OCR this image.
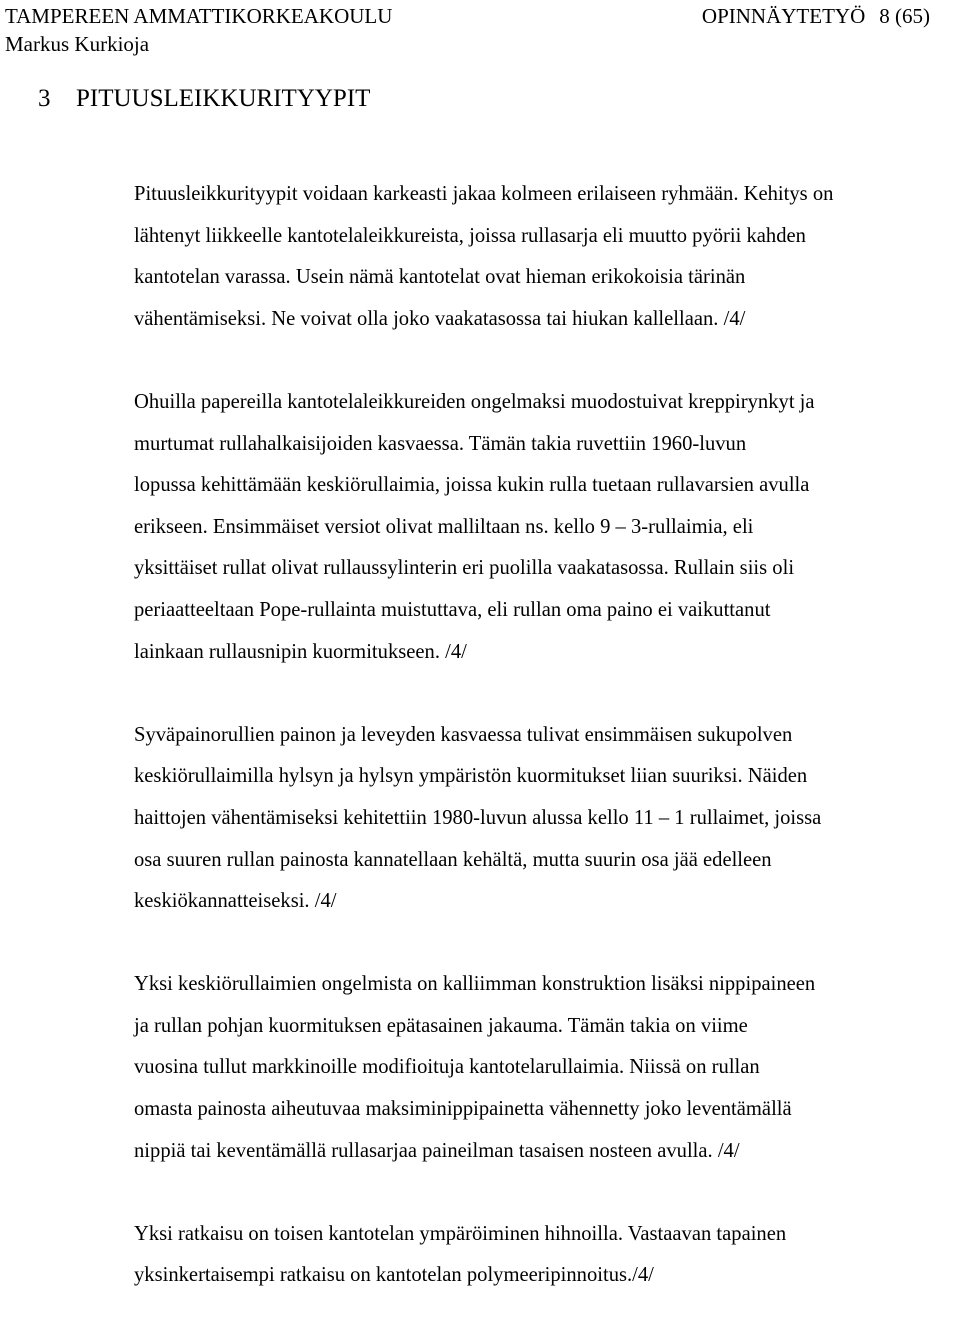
TAMPEREEN AMMATTIKORKEAKOULU	OPINNÄYTETYÖ 8 (65)
Markus Kurkioja
3 PITUUSLEIKKURITYYPIT

Pituusleikkurityypit voidaan karkeasti jakaa kolmeen erilaiseen ryhmään. Kehitys on
lähtenyt liikkeelle kantotelaleikkureista, joissa rullasarja eli muutto pyörii kahden
kantotelan varassa. Usein nämä kantotelat ovat hieman erikokoisia tärinän
vähentämiseksi. Ne voivat olla joko vaakatasossa tai hiukan kallellaan. /4/

Ohuilla papereilla kantotelaleikkureiden ongelmaksi muodostuivat kreppirynkyt ja
murtumat rullahalkaisijoiden kasvaessa. Tämän takia ruvettiin 1960-luvun
lopussa kehittämään keskiörullaimia, joissa kukin rulla tuetaan rullavarsien avulla
erikseen. Ensimmäiset versiot olivat malliltaan ns. kello 9 – 3-rullaimia, eli
yksittäiset rullat olivat rullaussylinterin eri puolilla vaakatasossa. Rullain siis oli
periaatteeltaan Pope-rullainta muistuttava, eli rullan oma paino ei vaikuttanut
lainkaan rullausnipin kuormitukseen. /4/

Syväpainorullien painon ja leveyden kasvaessa tulivat ensimmäisen sukupolven
keskiörullaimilla hylsyn ja hylsyn ympäristön kuormitukset liian suuriksi. Näiden
haittojen vähentämiseksi kehitettiin 1980-luvun alussa kello 11 – 1 rullaimet, joissa
osa suuren rullan painosta kannatellaan kehältä, mutta suurin osa jää edelleen
keskiökannatteiseksi. /4/

Yksi keskiörullaimien ongelmista on kalliimman konstruktion lisäksi nippipaineen
ja rullan pohjan kuormituksen epätasainen jakauma. Tämän takia on viime
vuosina tullut markkinoille modifioituja kantotelarullaimia. Niissä on rullan
omasta painosta aiheutuvaa maksiminippipainetta vähennetty joko leventämällä
nippiä tai keventämällä rullasarjaa paineilman tasaisen nosteen avulla. /4/

Yksi ratkaisu on toisen kantotelan ympäröiminen hihnoilla. Vastaavan tapainen
yksinkertaisempi ratkaisu on kantotelan polymeeripinnoitus./4/
